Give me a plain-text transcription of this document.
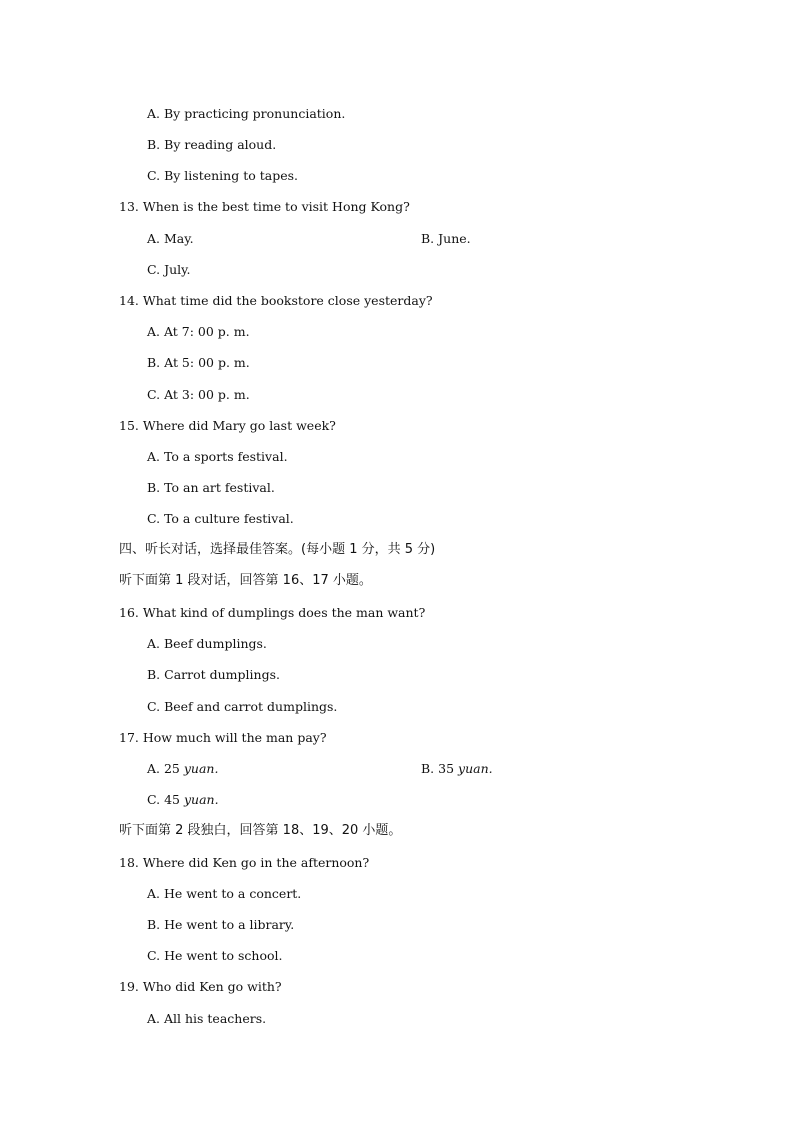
A. By practicing pronunciation.
B. By reading aloud.
C. By listening to tapes.
13. When is the best time to visit Hong Kong?
A. May.	B. June.
C. July.
14. What time did the bookstore close yesterday?
A. At 7: 00 p. m.
B. At 5: 00 p. m.
C. At 3: 00 p. m.
15. Where did Mary go last week?
A. To a sports festival.
B. To an art festival.
C. To a culture festival.
四、听长对话，选择最佳答案。(每小题 1 分，共 5 分)
听下面第 1 段对话，回答第 16、17 小题。
16. What kind of dumplings does the man want?
A. Beef dumplings.
B. Carrot dumplings.
C. Beef and carrot dumplings.
17. How much will the man pay?
A. 25 yuan.	B. 35 yuan.
C. 45 yuan.
听下面第 2 段独白，回答第 18、19、20 小题。
18. Where did Ken go in the afternoon?
A. He went to a concert.
B. He went to a library.
C. He went to school.
19. Who did Ken go with?
A. All his teachers.
